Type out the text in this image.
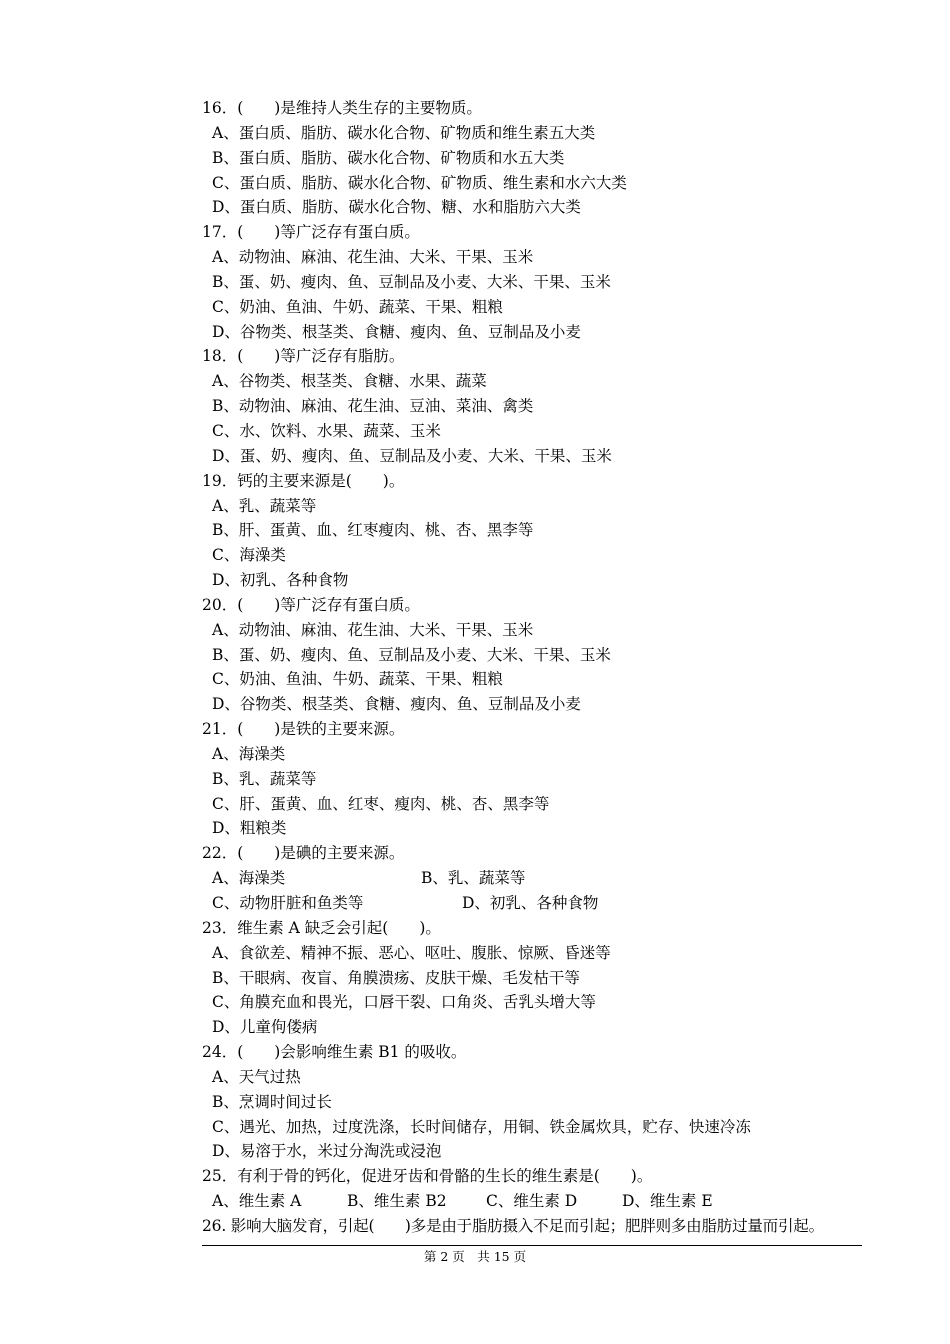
16．(　　)是维持人类生存的主要物质。
A、蛋白质、脂肪、碳水化合物、矿物质和维生素五大类
B、蛋白质、脂肪、碳水化合物、矿物质和水五大类
C、蛋白质、脂肪、碳水化合物、矿物质、维生素和水六大类
D、蛋白质、脂肪、碳水化合物、糖、水和脂肪六大类
17．(　　)等广泛存有蛋白质。
A、动物油、麻油、花生油、大米、干果、玉米
B、蛋、奶、瘦肉、鱼、豆制品及小麦、大米、干果、玉米
C、奶油、鱼油、牛奶、蔬菜、干果、粗粮
D、谷物类、根茎类、食糖、瘦肉、鱼、豆制品及小麦
18．(　　)等广泛存有脂肪。
A、谷物类、根茎类、食糖、水果、蔬菜
B、动物油、麻油、花生油、豆油、菜油、禽类
C、水、饮料、水果、蔬菜、玉米
D、蛋、奶、瘦肉、鱼、豆制品及小麦、大米、干果、玉米
19．钙的主要来源是(　　)。
A、乳、蔬菜等
B、肝、蛋黄、血、红枣瘦肉、桃、杏、黑李等
C、海澡类
D、初乳、各种食物
20．(　　)等广泛存有蛋白质。
A、动物油、麻油、花生油、大米、干果、玉米
B、蛋、奶、瘦肉、鱼、豆制品及小麦、大米、干果、玉米
C、奶油、鱼油、牛奶、蔬菜、干果、粗粮
D、谷物类、根茎类、食糖、瘦肉、鱼、豆制品及小麦
21．(　　)是铁的主要来源。
A、海澡类
B、乳、蔬菜等
C、肝、蛋黄、血、红枣、瘦肉、桃、杏、黑李等
D、粗粮类
22．(　　)是碘的主要来源。
A、海澡类	B、乳、蔬菜等
C、动物肝脏和鱼类等	D、初乳、各种食物
23．维生素 A 缺乏会引起(　　)。
A、食欲差、精神不振、恶心、呕吐、腹胀、惊厥、昏迷等
B、干眼病、夜盲、角膜溃疡、皮肤干燥、毛发枯干等
C、角膜充血和畏光，口唇干裂、口角炎、舌乳头增大等
D、儿童佝偻病
24．(　　)会影响维生素 B1 的吸收。
A、天气过热
B、烹调时间过长
C、遇光、加热，过度洗涤，长时间储存，用铜、铁金属炊具，贮存、快速冷冻
D、易溶于水，米过分淘洗或浸泡
25．有利于骨的钙化，促进牙齿和骨骼的生长的维生素是(　　)。
A、维生素 A	B、维生素 B2	C、维生素 D	D、维生素 E
26. 影响大脑发育，引起(　　)多是由于脂肪摄入不足而引起；肥胖则多由脂肪过量而引起。
第 2 页　共 15 页
